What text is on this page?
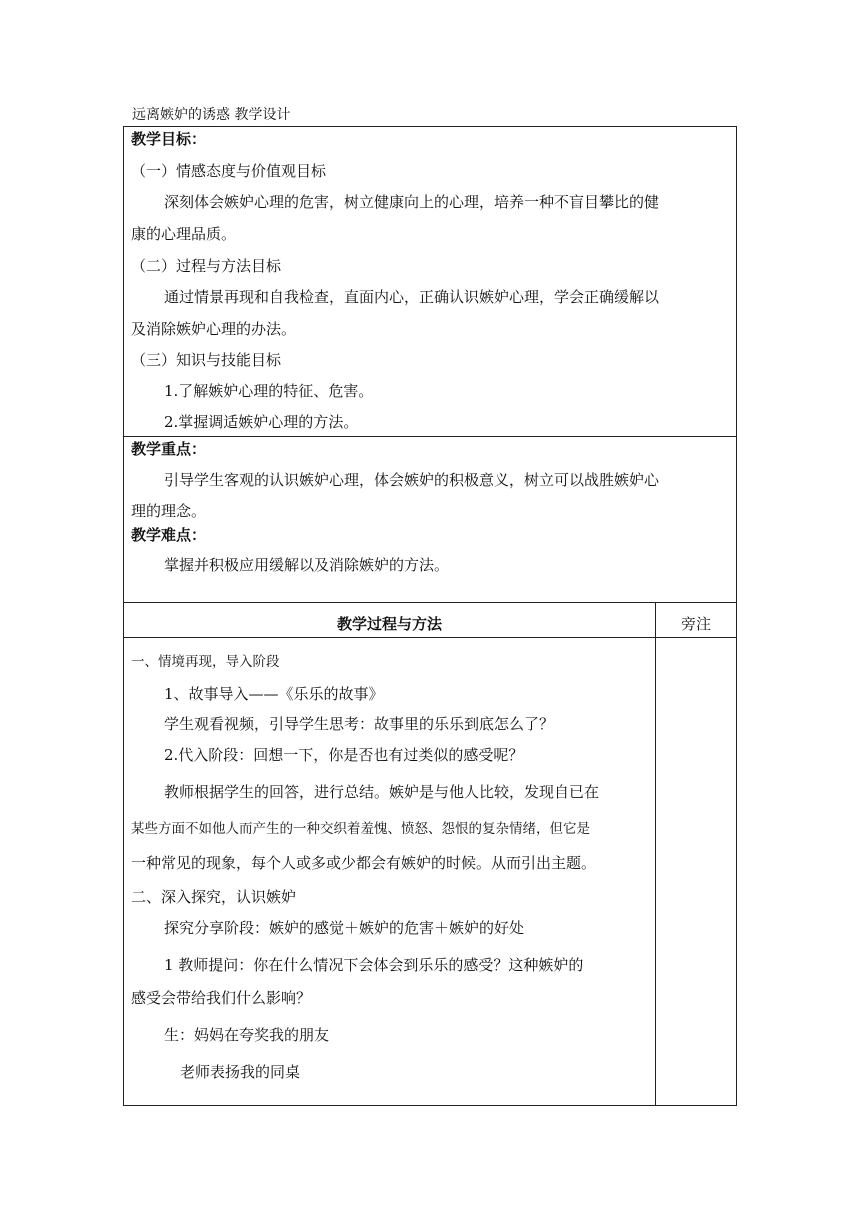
远离嫉妒的诱惑 教学设计
教学目标：
（一）情感态度与价值观目标
深刻体会嫉妒心理的危害，树立健康向上的心理，培养一种不盲目攀比的健
康的心理品质。
（二）过程与方法目标
通过情景再现和自我检查，直面内心，正确认识嫉妒心理，学会正确缓解以
及消除嫉妒心理的办法。
（三）知识与技能目标
1.了解嫉妒心理的特征、危害。
2.掌握调适嫉妒心理的方法。
教学重点：
引导学生客观的认识嫉妒心理，体会嫉妒的积极意义，树立可以战胜嫉妒心
理的理念。
教学难点：
掌握并积极应用缓解以及消除嫉妒的方法。
教学过程与方法	旁注
一、情境再现，导入阶段
1、故事导入——《乐乐的故事》
学生观看视频，引导学生思考：故事里的乐乐到底怎么了？
2.代入阶段：回想一下，你是否也有过类似的感受呢？
教师根据学生的回答，进行总结。嫉妒是与他人比较，发现自已在
某些方面不如他人而产生的一种交织着羞愧、愤怒、怨恨的复杂情绪，但它是
一种常见的现象，每个人或多或少都会有嫉妒的时候。从而引出主题。
二、深入探究，认识嫉妒
探究分享阶段：嫉妒的感觉＋嫉妒的危害＋嫉妒的好处
1 教师提问：你在什么情况下会体会到乐乐的感受？这种嫉妒的
感受会带给我们什么影响？
生：妈妈在夸奖我的朋友
老师表扬我的同桌
